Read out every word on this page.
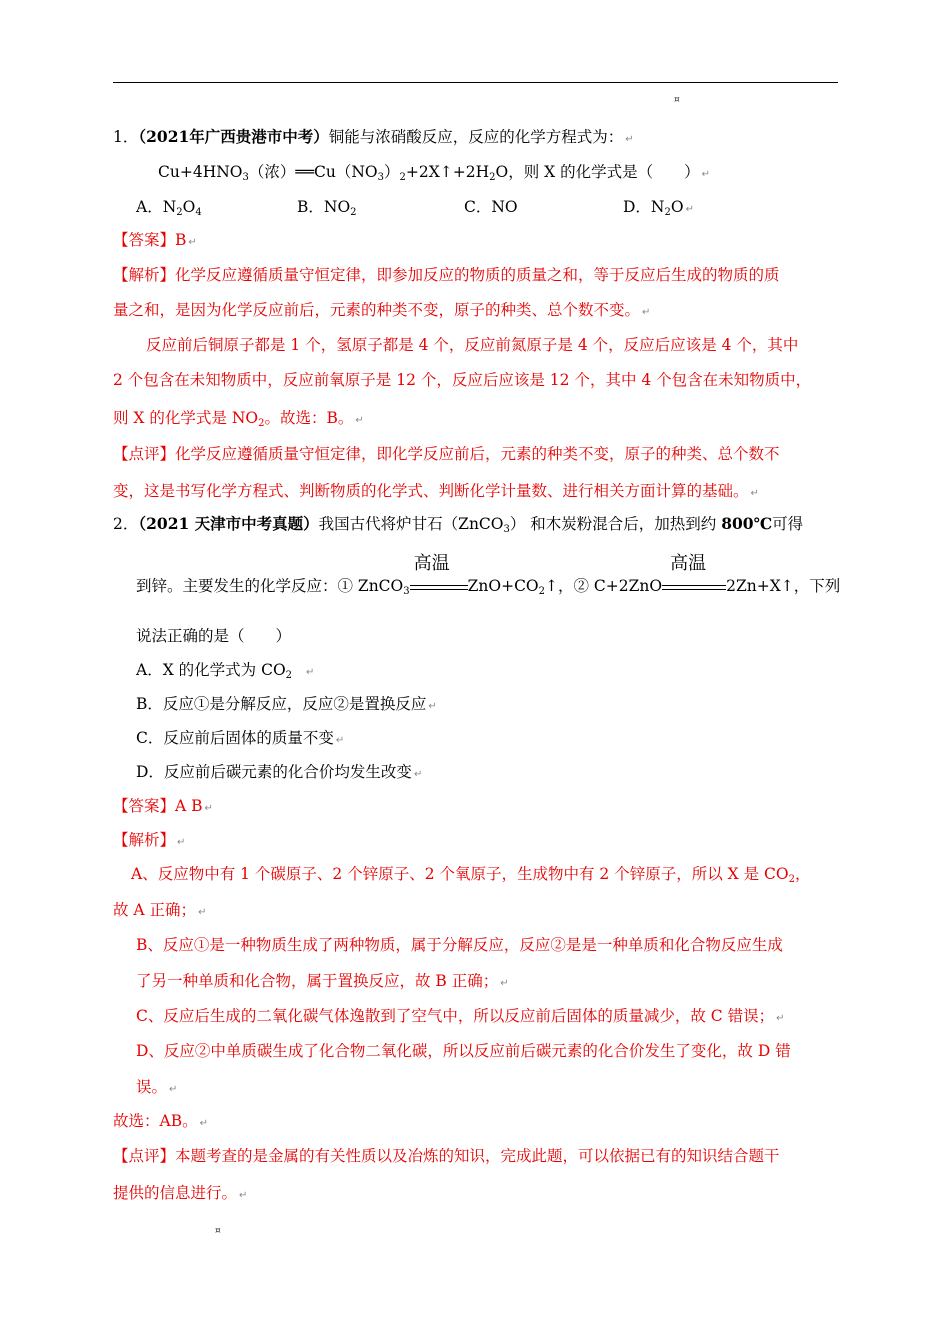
¤
1．（2021年广西贵港市中考）铜能与浓硝酸反应，反应的化学方程式为： ↵
$Cu+4HNO_3$（浓）$══Cu(NO_3)_2+2X↑+2H_2O$，则 X 的化学式是（　　） ↵
A．$N_2O_4$	B．$NO_2$	C．NO	D．$N_2O$ ↵
【答案】B ↵
【解析】化学反应遵循质量守恒定律，即参加反应的物质的质量之和，等于反应后生成的物质的质
量之和，是因为化学反应前后，元素的种类不变，原子的种类、总个数不变。 ↵
反应前后铜原子都是 1 个，氢原子都是 4 个，反应前氮原子是 4 个，反应后应该是 4 个，其中
2 个包含在未知物质中，反应前氧原子是 12 个，反应后应该是 12 个，其中 4 个包含在未知物质中，
则 X 的化学式是 $NO_2$。故选：B。 ↵
【点评】化学反应遵循质量守恒定律，即化学反应前后，元素的种类不变，原子的种类、总个数不
变，这是书写化学方程式、判断物质的化学式、判断化学计量数、进行相关方面计算的基础。 ↵
2．（2021 天津市中考真题）我国古代将炉甘石（ZnCO$_3$） 和木炭粉混合后，加热到约 800℃可得
到锌。主要发生的化学反应：① ZnCO$_3$
高温
$ZnO+CO_2↑$，② C+2ZnO
高温
2Zn+X↑，下列
说法正确的是（　　）
A．X 的化学式为 $CO_2$ ↵
B．反应①是分解反应，反应②是置换反应 ↵
C．反应前后固体的质量不变 ↵
D．反应前后碳元素的化合价均发生改变 ↵
【答案】A B ↵
【解析】 ↵
A、反应物中有 1 个碳原子、2 个锌原子、2 个氧原子，生成物中有 2 个锌原子，所以 X 是 $CO_2$，
故 A 正确； ↵
B、反应①是一种物质生成了两种物质，属于分解反应，反应②是是一种单质和化合物反应生成
了另一种单质和化合物，属于置换反应，故 B 正确； ↵
C、反应后生成的二氧化碳气体逸散到了空气中，所以反应前后固体的质量减少，故 C 错误； ↵
D、反应②中单质碳生成了化合物二氧化碳，所以反应前后碳元素的化合价发生了变化，故 D 错
误。 ↵
故选：AB。 ↵
【点评】本题考查的是金属的有关性质以及冶炼的知识，完成此题，可以依据已有的知识结合题干
提供的信息进行。 ↵
¤
